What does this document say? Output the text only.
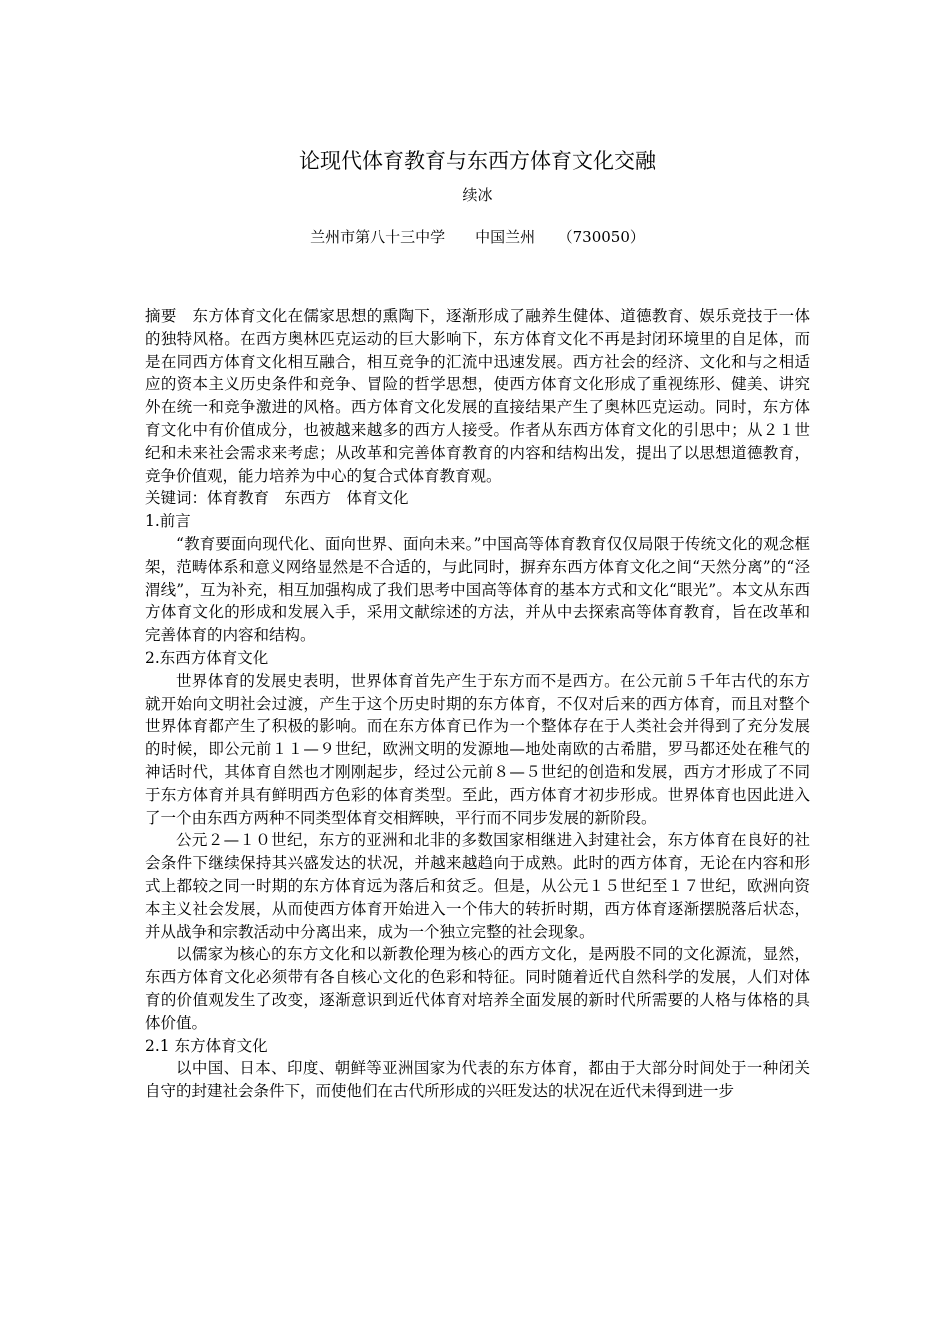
论现代体育教育与东西方体育文化交融
续冰
兰州市第八十三中学　　中国兰州　　（730050）

摘要　东方体育文化在儒家思想的熏陶下，逐渐形成了融养生健体、道德教育、娱乐竞技于一体的独特风格。在西方奥林匹克运动的巨大影响下，东方体育文化不再是封闭环境里的自足体，而是在同西方体育文化相互融合，相互竞争的汇流中迅速发展。西方社会的经济、文化和与之相适应的资本主义历史条件和竞争、冒险的哲学思想，使西方体育文化形成了重视练形、健美、讲究外在统一和竞争激进的风格。西方体育文化发展的直接结果产生了奥林匹克运动。同时，东方体育文化中有价值成分，也被越来越多的西方人接受。作者从东西方体育文化的引思中；从２１世纪和未来社会需求来考虑；从改革和完善体育教育的内容和结构出发，提出了以思想道德教育，竞争价值观，能力培养为中心的复合式体育教育观。

关键词：体育教育　东西方　体育文化

1.前言

“教育要面向现代化、面向世界、面向未来。”中国高等体育教育仅仅局限于传统文化的观念框架，范畴体系和意义网络显然是不合适的，与此同时，摒弃东西方体育文化之间“天然分离”的“泾渭线”，互为补充，相互加强构成了我们思考中国高等体育的基本方式和文化“眼光”。本文从东西方体育文化的形成和发展入手，采用文献综述的方法，并从中去探索高等体育教育，旨在改革和完善体育的内容和结构。

2.东西方体育文化

世界体育的发展史表明，世界体育首先产生于东方而不是西方。在公元前５千年古代的东方就开始向文明社会过渡，产生于这个历史时期的东方体育，不仅对后来的西方体育，而且对整个世界体育都产生了积极的影响。而在东方体育已作为一个整体存在于人类社会并得到了充分发展的时候，即公元前１１—９世纪，欧洲文明的发源地—地处南欧的古希腊，罗马都还处在稚气的神话时代，其体育自然也才刚刚起步，经过公元前８—５世纪的创造和发展，西方才形成了不同于东方体育并具有鲜明西方色彩的体育类型。至此，西方体育才初步形成。世界体育也因此进入了一个由东西方两种不同类型体育交相辉映，平行而不同步发展的新阶段。

公元２—１０世纪，东方的亚洲和北非的多数国家相继进入封建社会，东方体育在良好的社会条件下继续保持其兴盛发达的状况，并越来越趋向于成熟。此时的西方体育，无论在内容和形式上都较之同一时期的东方体育远为落后和贫乏。但是，从公元１５世纪至１７世纪，欧洲向资本主义社会发展，从而使西方体育开始进入一个伟大的转折时期，西方体育逐渐摆脱落后状态，并从战争和宗教活动中分离出来，成为一个独立完整的社会现象。

以儒家为核心的东方文化和以新教伦理为核心的西方文化，是两股不同的文化源流，显然，东西方体育文化必须带有各自核心文化的色彩和特征。同时随着近代自然科学的发展，人们对体育的价值观发生了改变，逐渐意识到近代体育对培养全面发展的新时代所需要的人格与体格的具体价值。

2.1 东方体育文化

以中国、日本、印度、朝鲜等亚洲国家为代表的东方体育，都由于大部分时间处于一种闭关自守的封建社会条件下，而使他们在古代所形成的兴旺发达的状况在近代未得到进一步
